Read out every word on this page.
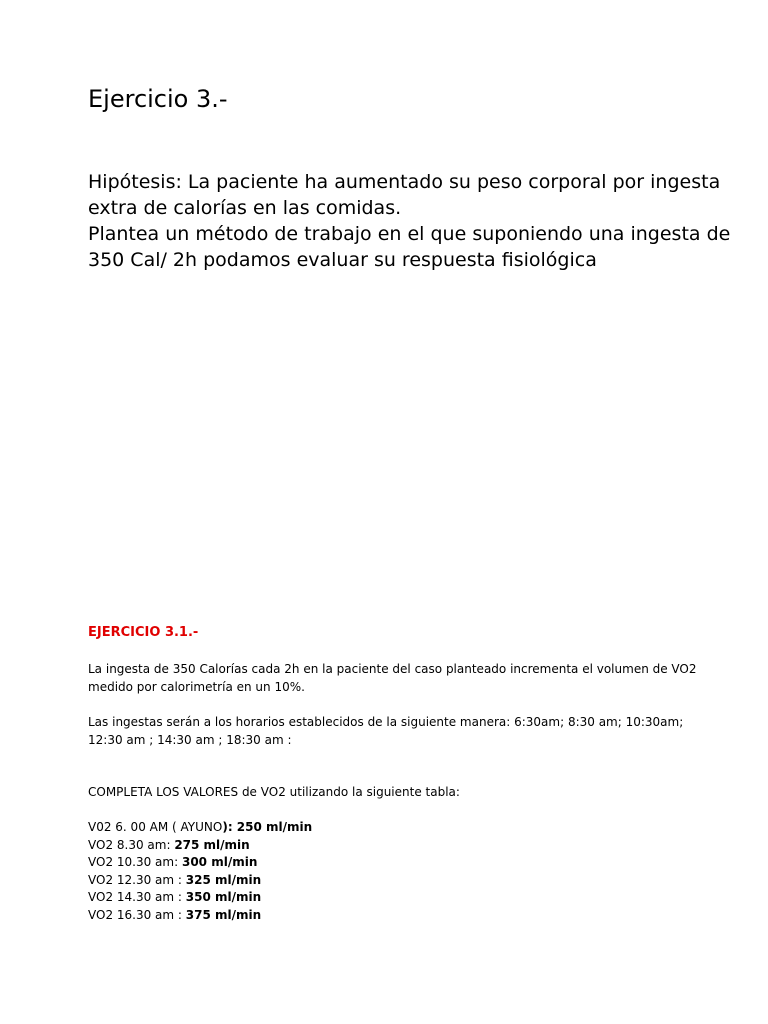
Ejercicio 3.-
Hipótesis: La paciente ha aumentado su peso corporal por ingesta
extra de calorías en las comidas.
Plantea un método de trabajo en el que suponiendo una ingesta de
350 Cal/ 2h podamos evaluar su respuesta fisiológica
EJERCICIO 3.1.-
La ingesta de 350 Calorías cada 2h en la paciente del caso planteado incrementa el volumen de VO2
medido por calorimetría en un 10%.
Las ingestas serán a los horarios establecidos de la siguiente manera: 6:30am; 8:30 am; 10:30am;
12:30 am ; 14:30 am ; 18:30 am :
COMPLETA LOS VALORES de VO2 utilizando la siguiente tabla:
V02 6. 00 AM ( AYUNO): 250 ml/min
VO2 8.30 am: 275 ml/min
VO2 10.30 am: 300 ml/min
VO2 12.30 am : 325 ml/min
VO2 14.30 am : 350 ml/min
VO2 16.30 am : 375 ml/min
